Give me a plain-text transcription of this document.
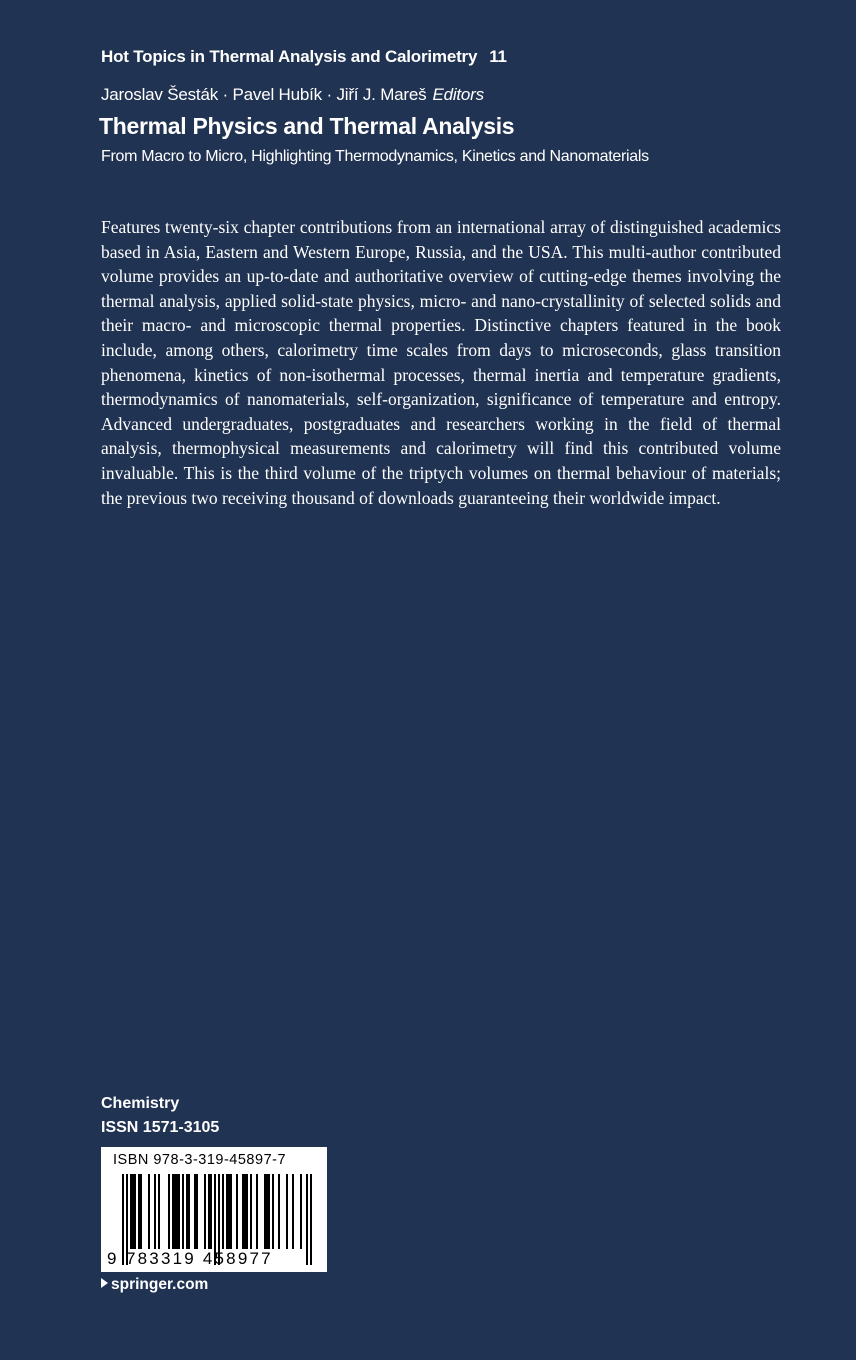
Hot Topics in Thermal Analysis and Calorimetry 11
Jaroslav Šesták · Pavel Hubík · Jiří J. Mareš Editors
Thermal Physics and Thermal Analysis
From Macro to Micro, Highlighting Thermodynamics, Kinetics and Nanomaterials

Features twenty-six chapter contributions from an international array of distinguished academics based in Asia, Eastern and Western Europe, Russia, and the USA. This multi-author contributed volume provides an up-to-date and authoritative overview of cutting-edge themes involving the thermal analysis, applied solid-state physics, micro- and nano-crystallinity of selected solids and their macro- and microscopic thermal properties. Distinctive chapters featured in the book include, among others, calorimetry time scales from days to microseconds, glass transition phenomena, kinetics of non-isothermal processes, thermal inertia and temperature gradients, thermodynamics of nanomaterials, self-organization, significance of temperature and entropy. Advanced undergraduates, postgraduates and researchers working in the field of thermal analysis, thermophysical measurements and calorimetry will find this contributed volume invaluable. This is the third volume of the triptych volumes on thermal behaviour of materials; the previous two receiving thousand of downloads guaranteeing their worldwide impact.

Chemistry
ISSN 1571-3105
ISBN 978-3-319-45897-7
9 783319 458977
springer.com
